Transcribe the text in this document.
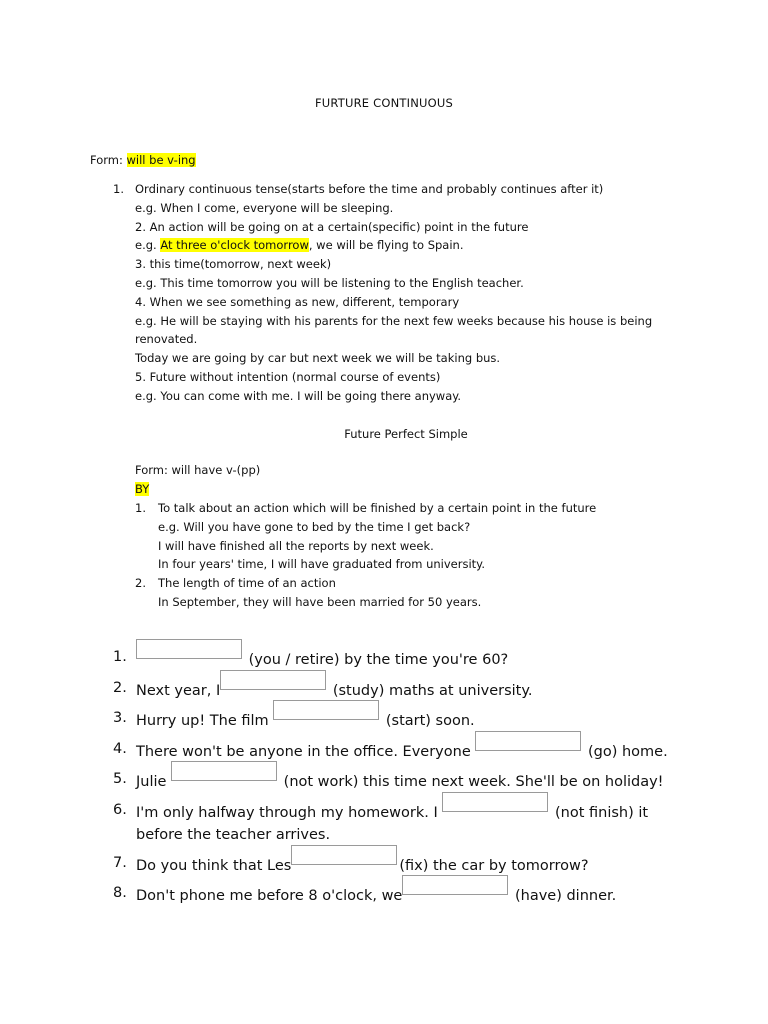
FURTURE CONTINUOUS
Form: will be v-ing
1. Ordinary continuous tense(starts before the time and probably continues after it)
e.g. When I come, everyone will be sleeping.
2. An action will be going on at a certain(specific) point in the future
e.g. At three o'clock tomorrow, we will be flying to Spain.
3. this time(tomorrow, next week)
e.g. This time tomorrow you will be listening to the English teacher.
4. When we see something as new, different, temporary
e.g. He will be staying with his parents for the next few weeks because his house is being renovated.
Today we are going by car but next week we will be taking bus.
5. Future without intention (normal course of events)
e.g. You can come with me. I will be going there anyway.
Future Perfect Simple
Form: will have v-(pp)
BY
1. To talk about an action which will be finished by a certain point in the future
e.g. Will you have gone to bed by the time I get back?
I will have finished all the reports by next week.
In four years' time, I will have graduated from university.
2. The length of time of an action
In September, they will have been married for 50 years.
1.	(you / retire) by the time you're 60?
2. Next year, I	(study) maths at university.
3. Hurry up! The film	(start) soon.
4. There won't be anyone in the office. Everyone	(go) home.
5. Julie	(not work) this time next week. She'll be on holiday!
6. I'm only halfway through my homework. I	(not finish) it before the teacher arrives.
7. Do you think that Les	(fix) the car by tomorrow?
8. Don't phone me before 8 o'clock, we	(have) dinner.
